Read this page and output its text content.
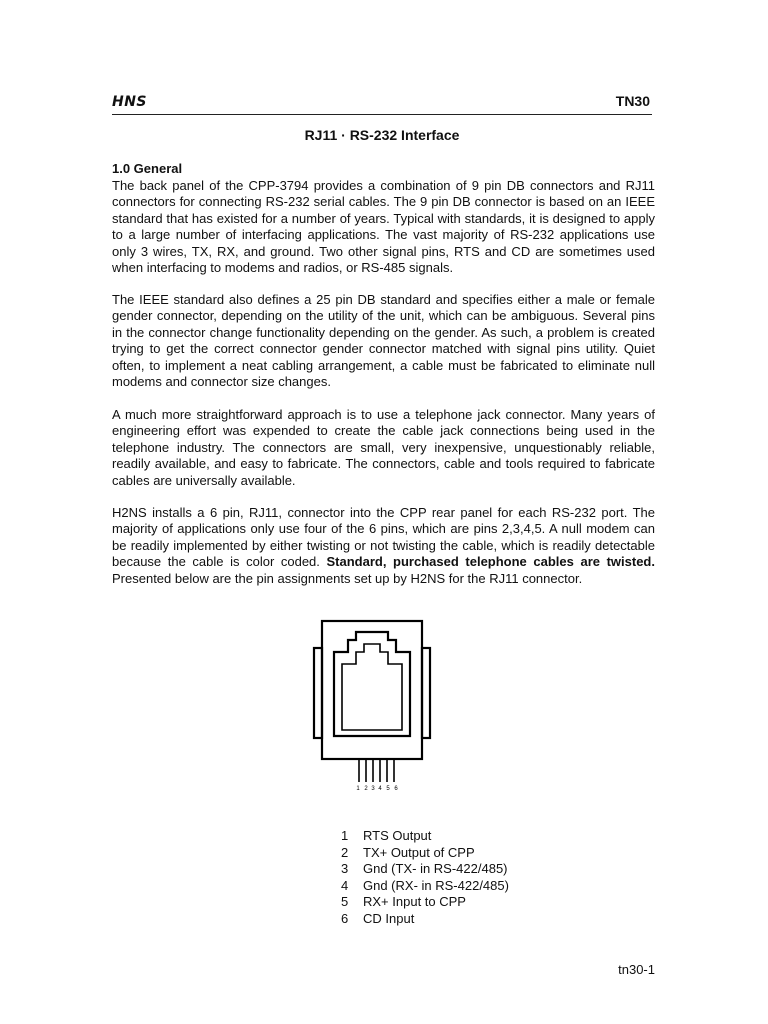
HNS	TN30
RJ11 · RS-232 Interface
1.0 General

The back panel of the CPP-3794 provides a combination of 9 pin DB connectors and RJ11 connectors for connecting RS-232 serial cables. The 9 pin DB connector is based on an IEEE standard that has existed for a number of years. Typical with standards, it is designed to apply to a large number of interfacing applications. The vast majority of RS-232 applications use only 3 wires, TX, RX, and ground. Two other signal pins, RTS and CD are sometimes used when interfacing to modems and radios, or RS-485 signals.

The IEEE standard also defines a 25 pin DB standard and specifies either a male or female gender connector, depending on the utility of the unit, which can be ambiguous. Several pins in the connector change functionality depending on the gender. As such, a problem is created trying to get the correct connector gender connector matched with signal pins utility. Quiet often, to implement a neat cabling arrangement, a cable must be fabricated to eliminate null modems and connector size changes.

A much more straightforward approach is to use a telephone jack connector. Many years of engineering effort was expended to create the cable jack connections being used in the telephone industry. The connectors are small, very inexpensive, unquestionably reliable, readily available, and easy to fabricate. The connectors, cable and tools required to fabricate cables are universally available.

H2NS installs a 6 pin, RJ11, connector into the CPP rear panel for each RS-232 port. The majority of applications only use four of the 6 pins, which are pins 2,3,4,5. A null modem can be readily implemented by either twisting or not twisting the cable, which is readily detectable because the cable is color coded. Standard, purchased telephone cables are twisted. Presented below are the pin assignments set up by H2NS for the RJ11 connector.

1 2 3 4 5 6
1	RTS Output
2	TX+ Output of CPP
3	Gnd (TX- in RS-422/485)
4	Gnd (RX- in RS-422/485)
5	RX+ Input to CPP
6	CD Input
tn30-1
